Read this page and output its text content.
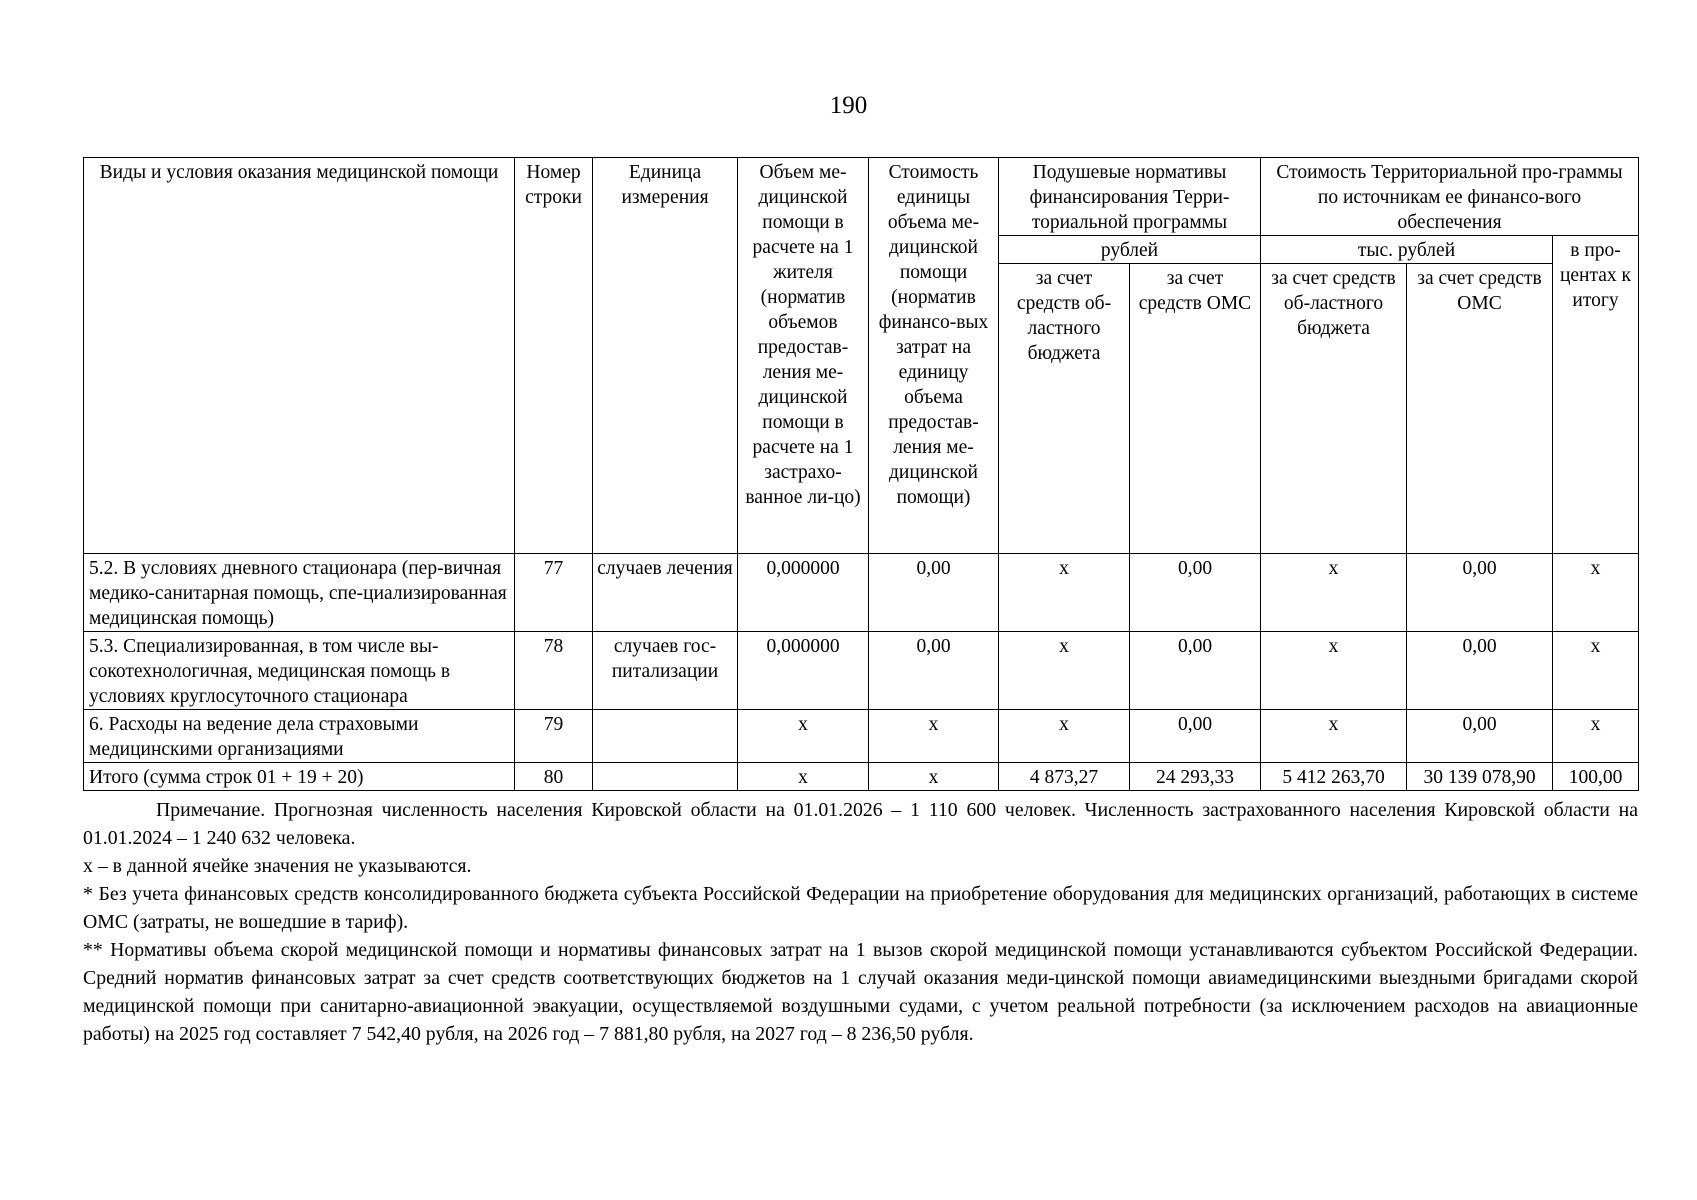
190
Виды и условия оказания медицинской помощи	Номер строки	Единица измерения	Объем ме-дицинской помощи в расчете на 1 жителя (норматив объемов предостав-ления ме-дицинской помощи в расчете на 1 застрахо-ванное ли-цо)	Стоимость единицы объема ме-дицинской помощи (норматив финансо-вых затрат на единицу объема предостав-ления ме-дицинской помощи)	Подушевые нормативы финансирования Терри-ториальной программы		Стоимость Территориальной про-граммы по источникам ее финансо-вого обеспечения		
					рублей		тыс. рублей		в про-центах к итогу
					за счет средств об-ластного бюджета	за счет средств ОМС	за счет средств об-ластного бюджета	за счет средств ОМС	
5.2. В условиях дневного стационара (пер-вичная медико-санитарная помощь, спе-циализированная медицинская помощь)	77	случаев лечения	0,000000	0,00	х	0,00	х	0,00	х
5.3. Специализированная, в том числе вы-сокотехнологичная, медицинская помощь в условиях круглосуточного стационара	78	случаев гос-питализации	0,000000	0,00	х	0,00	х	0,00	х
6. Расходы на ведение дела страховыми медицинскими организациями	79		х	х	х	0,00	х	0,00	х
Итого (сумма строк 01 + 19 + 20)	80		х	х	4 873,27	24 293,33	5 412 263,70	30 139 078,90	100,00

Примечание. Прогнозная численность населения Кировской области на 01.01.2026 – 1 110 600 человек. Численность застрахованного населения Кировской области на 01.01.2024 – 1 240 632 человека.

х – в данной ячейке значения не указываются.

* Без учета финансовых средств консолидированного бюджета субъекта Российской Федерации на приобретение оборудования для медицинских организаций, работающих в системе ОМС (затраты, не вошедшие в тариф).

** Нормативы объема скорой медицинской помощи и нормативы финансовых затрат на 1 вызов скорой медицинской помощи устанавливаются субъектом Российской Федерации. Средний норматив финансовых затрат за счет средств соответствующих бюджетов на 1 случай оказания меди-цинской помощи авиамедицинскими выездными бригадами скорой медицинской помощи при санитарно-авиационной эвакуации, осуществляемой воздушными судами, с учетом реальной потребности (за исключением расходов на авиационные работы) на 2025 год составляет 7 542,40 рубля, на 2026 год – 7 881,80 рубля, на 2027 год – 8 236,50 рубля.
